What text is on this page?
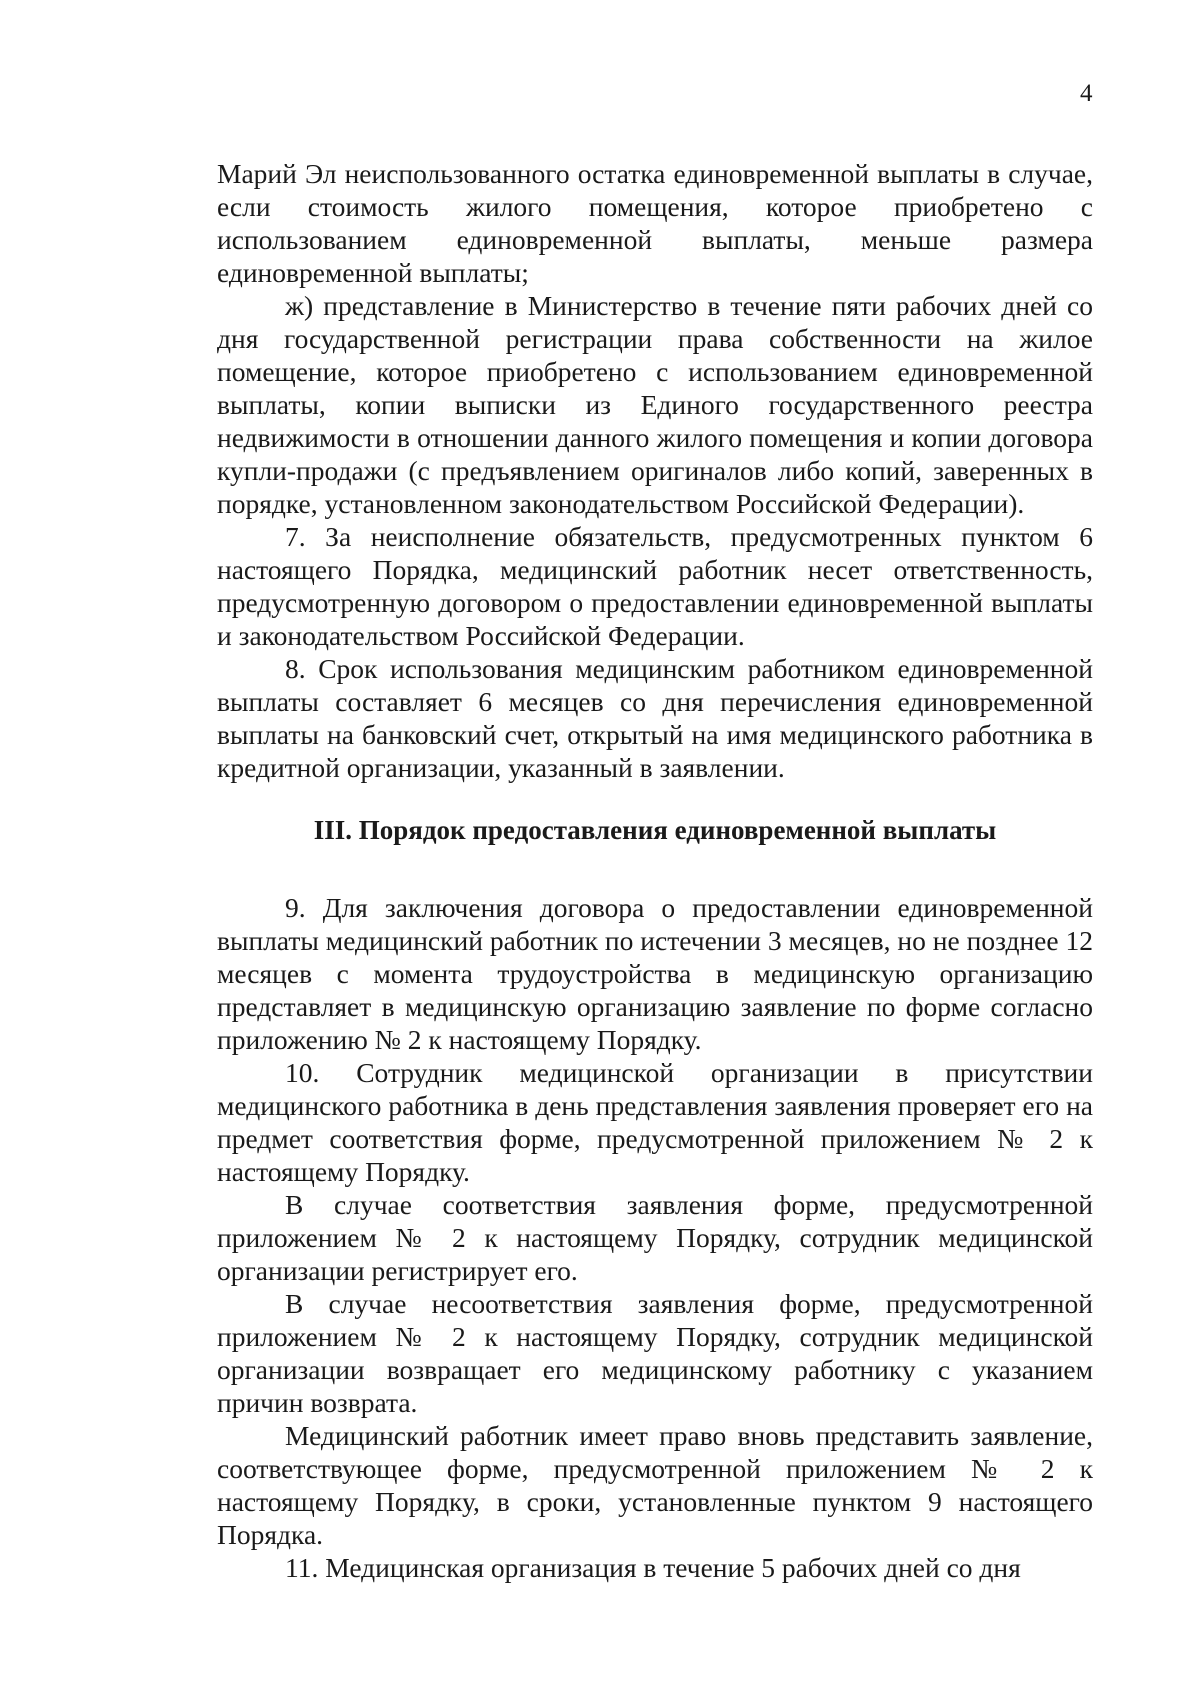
4

Марий Эл неиспользованного остатка единовременной выплаты в случае, если стоимость жилого помещения, которое приобретено с использованием единовременной выплаты, меньше размера единовременной выплаты;

ж) представление в Министерство в течение пяти рабочих дней со дня государственной регистрации права собственности на жилое помещение, которое приобретено с использованием единовременной выплаты, копии выписки из Единого государственного реестра недвижимости в отношении данного жилого помещения и копии договора купли-продажи (с предъявлением оригиналов либо копий, заверенных в порядке, установленном законодательством Российской Федерации).

7. За неисполнение обязательств, предусмотренных пунктом 6 настоящего Порядка, медицинский работник несет ответственность, предусмотренную договором о предоставлении единовременной выплаты и законодательством Российской Федерации.

8. Срок использования медицинским работником единовременной выплаты составляет 6 месяцев со дня перечисления единовременной выплаты на банковский счет, открытый на имя медицинского работника в кредитной организации, указанный в заявлении.

III. Порядок предоставления единовременной выплаты

9. Для заключения договора о предоставлении единовременной выплаты медицинский работник по истечении 3 месяцев, но не позднее 12 месяцев с момента трудоустройства в медицинскую организацию представляет в медицинскую организацию заявление по форме согласно приложению № 2 к настоящему Порядку.

10. Сотрудник медицинской организации в присутствии медицинского работника в день представления заявления проверяет его на предмет соответствия форме, предусмотренной приложением № 2 к настоящему Порядку.

В случае соответствия заявления форме, предусмотренной приложением № 2 к настоящему Порядку, сотрудник медицинской организации регистрирует его.

В случае несоответствия заявления форме, предусмотренной приложением № 2 к настоящему Порядку, сотрудник медицинской организации возвращает его медицинскому работнику с указанием причин возврата.

Медицинский работник имеет право вновь представить заявление, соответствующее форме, предусмотренной приложением № 2 к настоящему Порядку, в сроки, установленные пунктом 9 настоящего Порядка.

11. Медицинская организация в течение 5 рабочих дней со дня
